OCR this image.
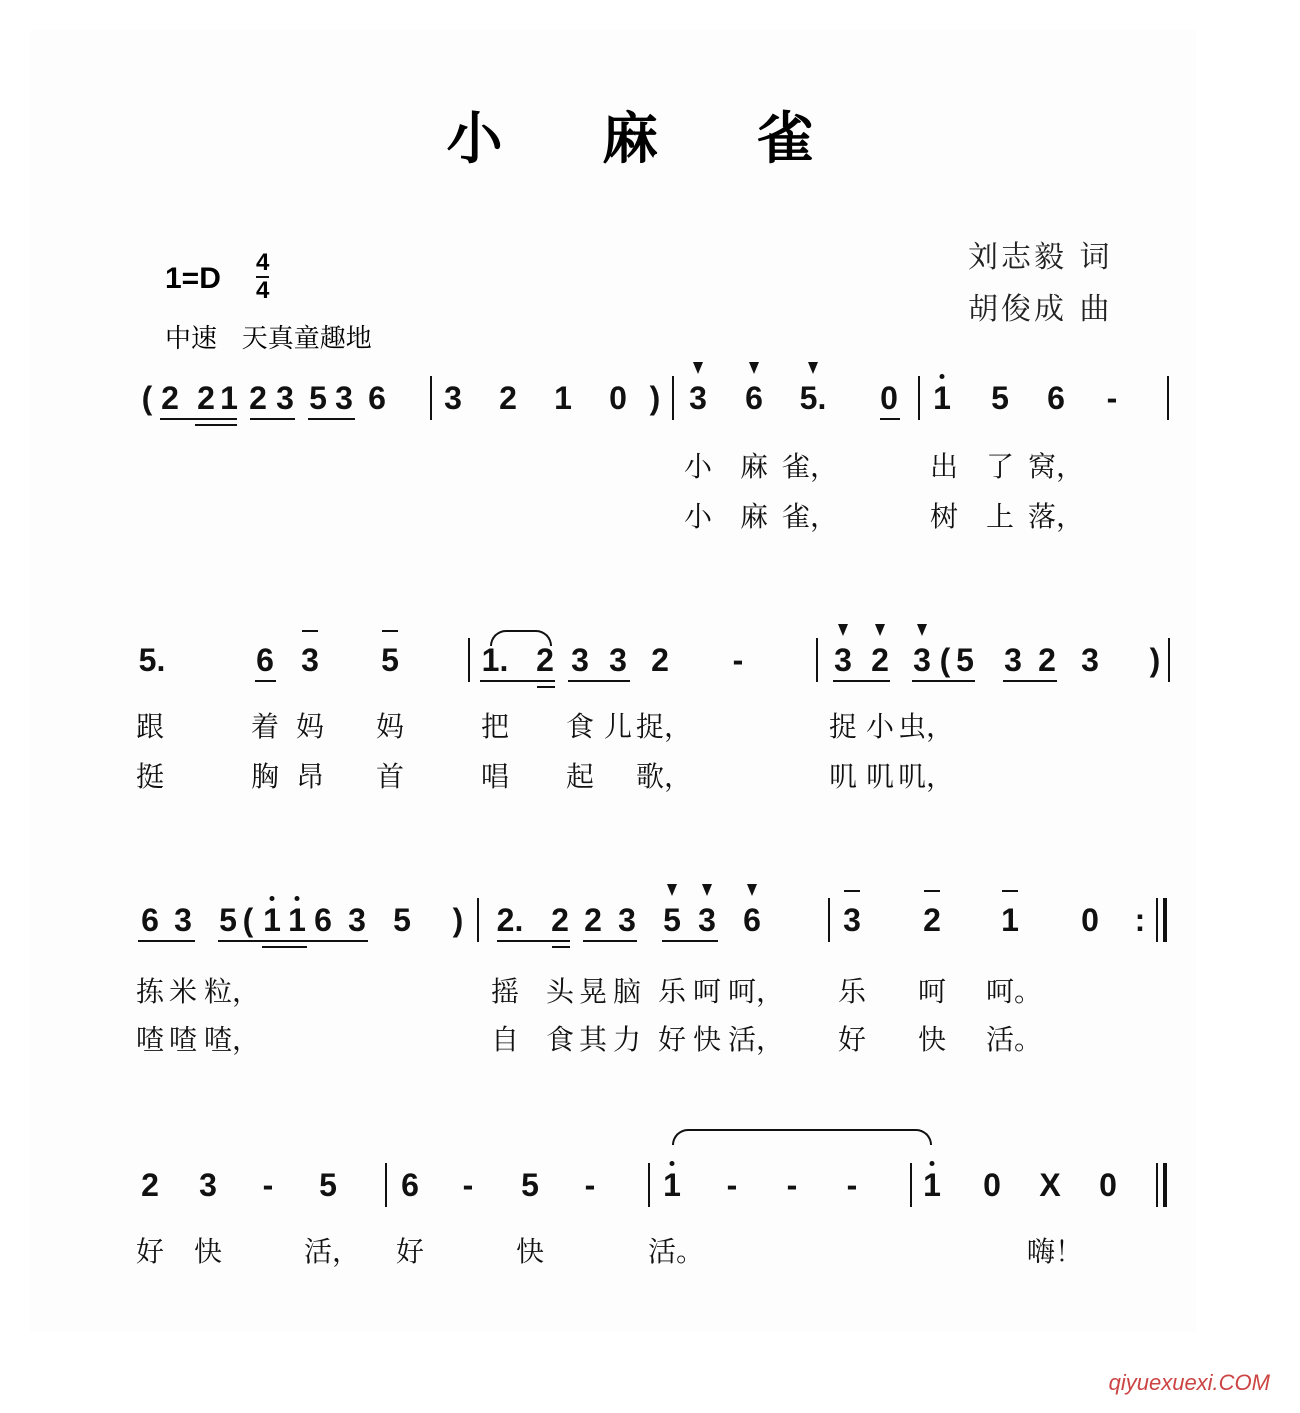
小 麻 雀
1=D 4
4
中速   天真童趣地
刘志毅 词
胡俊成 曲
( 2 2 1 2 3 5 3 6 3 2 1 0 ) 3 6 5. 0 1 5 6 -
小 麻 雀，	出 了 窝，
小 麻 雀，	树 上 落，
5.	6 3 5	1. 2 3 3 2 -	3 2 3 ( 5 3 2 3 )
跟	着 妈 妈	把 食 儿 捉，	捉 小 虫，
挺	胸 昂 首	唱 起 歌，	叽 叽 叽，
6 3 5 ( 1 1 6 3 5 ) 2. 2 2 3 5 3 6	3 2 1 0 :
拣 米 粒，	摇 头 晃 脑 乐 呵 呵， 乐 呵 呵。
喳 喳 喳，	自 食 其 力 好 快 活， 好 快 活。
2 3 - 5 6 - 5 - 1 - - - 1 0 X 0
好 快	活， 好	快	活。	嗨！
qiyuexuexi.COM
